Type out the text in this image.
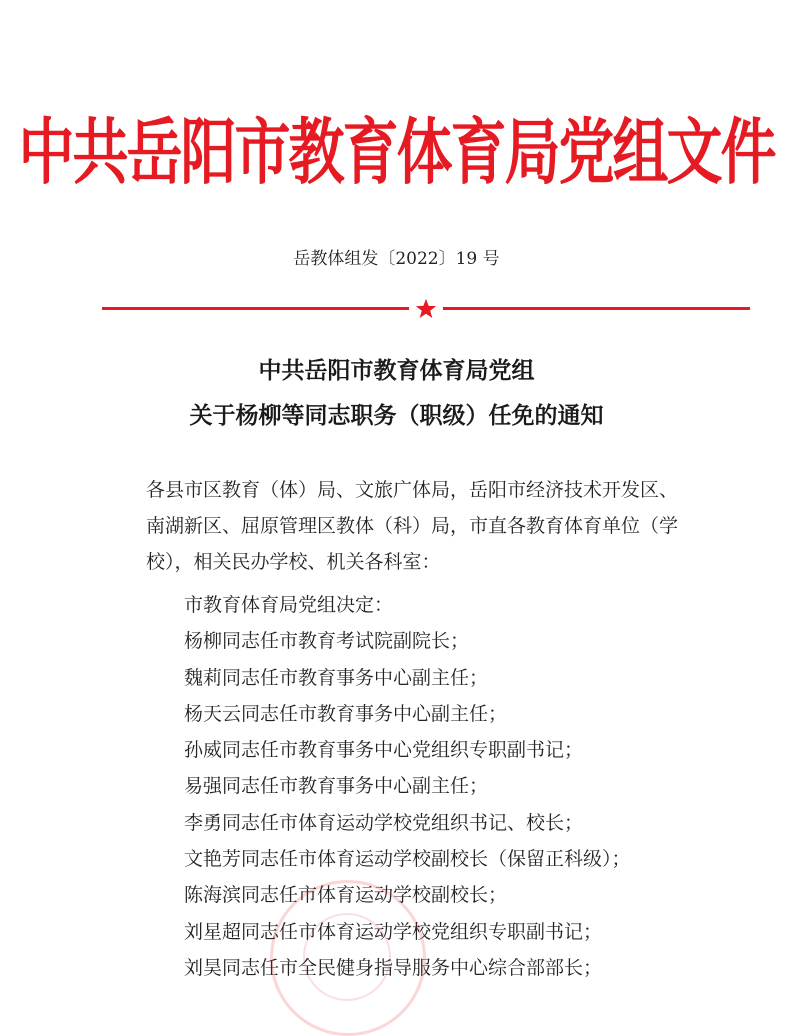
中共岳阳市教育体育局党组文件
岳教体组发〔2022〕19 号
中共岳阳市教育体育局党组
关于杨柳等同志职务（职级）任免的通知
各县市区教育（体）局、文旅广体局，岳阳市经济技术开发区、
南湖新区、屈原管理区教体（科）局，市直各教育体育单位（学
校），相关民办学校、机关各科室：
市教育体育局党组决定：
杨柳同志任市教育考试院副院长；
魏莉同志任市教育事务中心副主任；
杨天云同志任市教育事务中心副主任；
孙威同志任市教育事务中心党组织专职副书记；
易强同志任市教育事务中心副主任；
李勇同志任市体育运动学校党组织书记、校长；
文艳芳同志任市体育运动学校副校长（保留正科级）；
陈海滨同志任市体育运动学校副校长；
刘星超同志任市体育运动学校党组织专职副书记；
刘昊同志任市全民健身指导服务中心综合部部长；
